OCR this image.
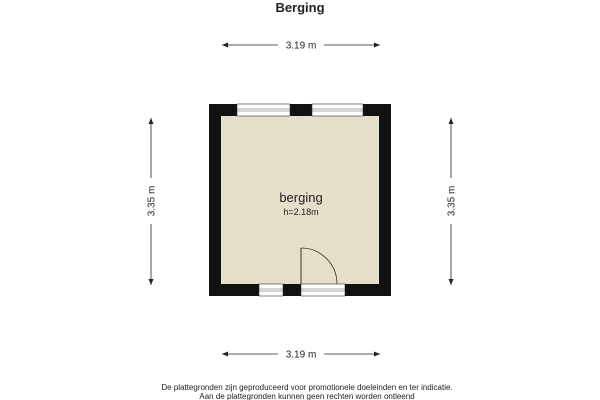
Berging
3.19 m
3.19 m
3.35 m	3.35 m
berging
h=2.18m
De plattegronden zijn geproduceerd voor promotionele doeleinden en ter indicatie.
Aan de plattegronden kunnen geen rechten worden ontleend
